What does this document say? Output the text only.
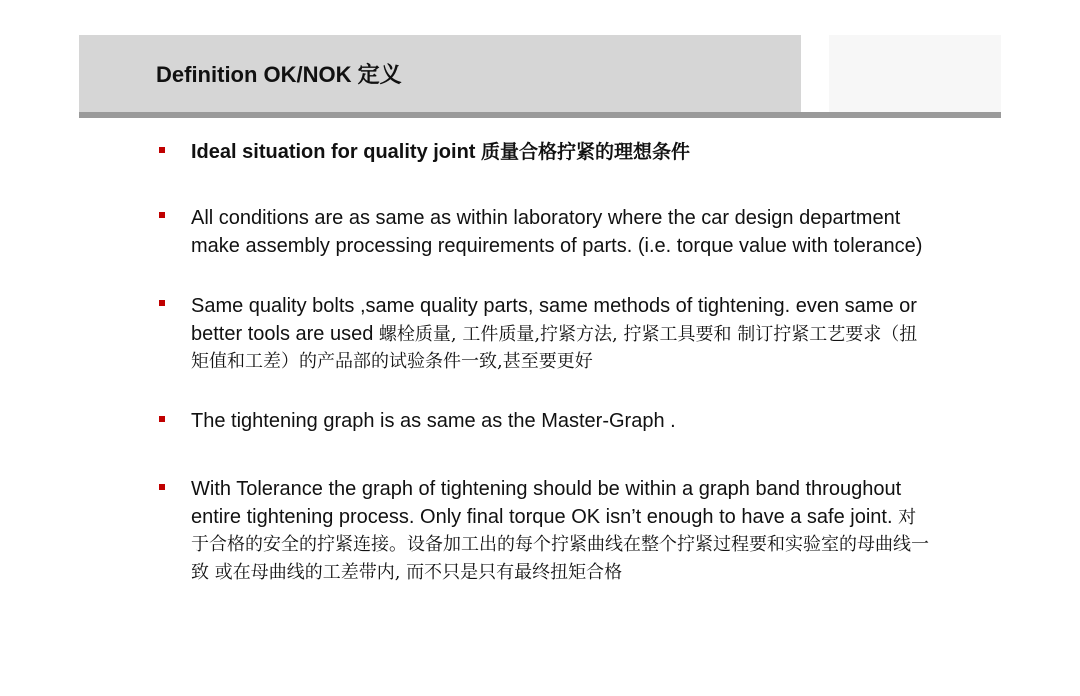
Definition OK/NOK 定义
Ideal situation for quality joint 质量合格拧紧的理想条件
All conditions are as same as within laboratory where the car design department make assembly processing requirements of parts. (i.e. torque value with tolerance)
Same quality bolts ,same quality parts, same methods of tightening. even same or better tools are used 螺栓质量, 工件质量,拧紧方法, 拧紧工具要和 制订拧紧工艺要求（扭矩值和工差）的产品部的试验条件一致,甚至要更好
The tightening graph is as same as the Master-Graph .
With Tolerance the graph of tightening should be within a graph band throughout entire tightening process. Only final torque OK isn’t enough to have a safe joint. 对于合格的安全的拧紧连接。设备加工出的每个拧紧曲线在整个拧紧过程要和实验室的母曲线一致 或在母曲线的工差带内, 而不只是只有最终扭矩合格
